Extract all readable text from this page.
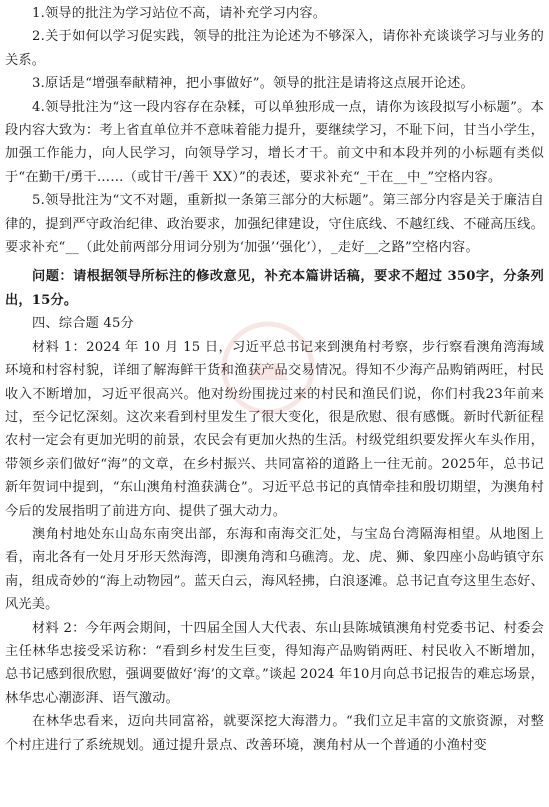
1.领导的批注为学习站位不高，请补充学习内容。

2.关于如何以学习促实践，领导的批注为论述为不够深入，请你补充谈谈学习与业务的关系。

3.原话是“增强奉献精神，把小事做好”。领导的批注是请将这点展开论述。

4.领导批注为“这一段内容存在杂糅，可以单独形成一点，请你为该段拟写小标题”。本段内容大致为：考上省直单位并不意味着能力提升，要继续学习，不耻下问，甘当小学生，加强工作能力，向人民学习，向领导学习，增长才干。前文中和本段并列的小标题有类似于“在勤干/勇干……（或甘干/善干 XX）”的表述，要求补充“_干在__中_”空格内容。

5.领导批注为“文不对题，重新拟一条第三部分的大标题”。第三部分内容是关于廉洁自律的，提到严守政治纪律、政治要求，加强纪律建设，守住底线、不越红线、不碰高压线。要求补充“__（此处前两部分用词分别为‘加强’‘强化’），_走好__之路”空格内容。

问题：请根据领导所标注的修改意见，补充本篇讲话稿，要求不超过 350字，分条列出，15分。

四、综合题 45分

材料 1：2024 年 10 月 15 日，习近平总书记来到澳角村考察，步行察看澳角湾海域环境和村容村貌，详细了解海鲜干货和渔获产品交易情况。得知不少海产品购销两旺，村民收入不断增加，习近平很高兴。他对纷纷围拢过来的村民和渔民们说，你们村我23年前来过，至今记忆深刻。这次来看到村里发生了很大变化，很是欣慰、很有感慨。新时代新征程农村一定会有更加光明的前景，农民会有更加火热的生活。村级党组织要发挥火车头作用，带领乡亲们做好“海”的文章，在乡村振兴、共同富裕的道路上一往无前。2025年，总书记新年贺词中提到，“东山澳角村渔获满仓”。习近平总书记的真情牵挂和殷切期望，为澳角村今后的发展指明了前进方向、提供了强大动力。

澳角村地处东山岛东南突出部，东海和南海交汇处，与宝岛台湾隔海相望。从地图上看，南北各有一处月牙形天然海湾，即澳角湾和乌礁湾。龙、虎、狮、象四座小岛屿镇守东南，组成奇妙的“海上动物园”。蓝天白云，海风轻拂，白浪逐滩。总书记直夸这里生态好、风光美。

材料 2：今年两会期间，十四届全国人大代表、东山县陈城镇澳角村党委书记、村委会主任林华忠接受采访称：“看到乡村发生巨变，得知海产品购销两旺、村民收入不断增加，总书记感到很欣慰，强调要做好‘海’的文章。”谈起 2024 年10月向总书记报告的难忘场景，林华忠心潮澎湃、语气激动。

在林华忠看来，迈向共同富裕，就要深挖大海潜力。“我们立足丰富的文旅资源，对整个村庄进行了系统规划。通过提升景点、改善环境，澳角村从一个普通的小渔村变
